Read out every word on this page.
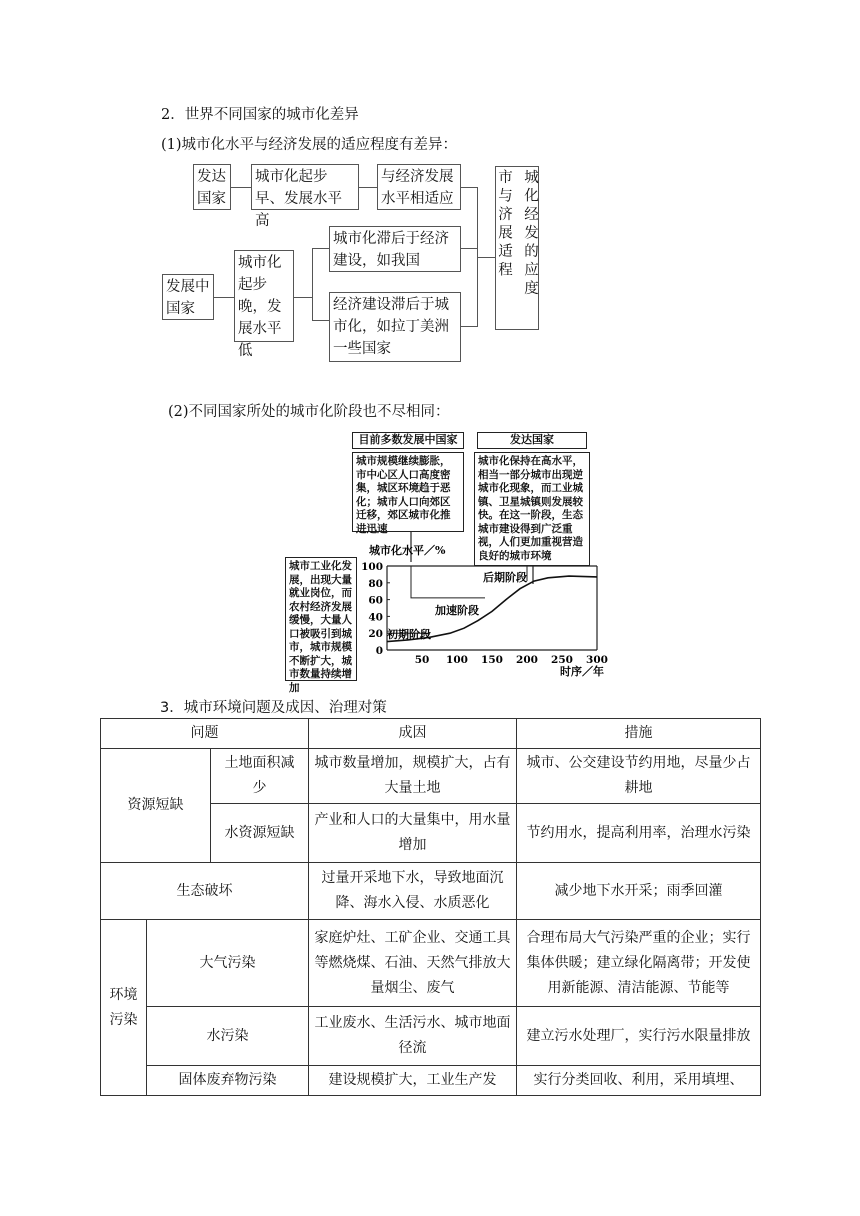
2．世界不同国家的城市化差异
(1)城市化水平与经济发展的适应程度有差异：
发达国家
城市化起步早、发展水平高
与经济发展水平相适应
发展中国家
城市化起步晚，发展水平低
城市化滞后于经济建设，如我国
经济建设滞后于城市化，如拉丁美洲一些国家
市与济展适程 城化经发的应度
(2)不同国家所处的城市化阶段也不尽相同：
目前多数发展中国家	发达国家
城市规模继续膨胀，市中心区人口高度密集，城区环境趋于恶化；城市人口向郊区迁移，郊区城市化推进迅速
城市化保持在高水平，相当一部分城市出现逆城市化现象，而工业城镇、卫星城镇则发展较快。在这一阶段，生态城市建设得到广泛重视，人们更加重视营造良好的城市环境
城市工业化发展，出现大量就业岗位，而农村经济发展缓慢，大量人口被吸引到城市，城市规模不断扩大，城市数量持续增加
50 100 150 200 250 300
0
20
40
60
80
100
城市化水平／%
时序／年
初期阶段
加速阶段
后期阶段
3．城市环境问题及成因、治理对策
问题			成因	措施
资源短缺		土地面积减少	城市数量增加，规模扩大，占有大量土地	城市、公交建设节约用地，尽量少占耕地
		水资源短缺	产业和人口的大量集中，用水量增加	节约用水，提高利用率，治理水污染
生态破坏			过量开采地下水，导致地面沉降、海水入侵、水质恶化	减少地下水开采；雨季回灌
环境污染	大气污染		家庭炉灶、工矿企业、交通工具等燃烧煤、石油、天然气排放大量烟尘、废气	合理布局大气污染严重的企业；实行集体供暖；建立绿化隔离带；开发使用新能源、清洁能源、节能等
	水污染		工业废水、生活污水、城市地面径流	建立污水处理厂，实行污水限量排放
	固体废弃物污染		建设规模扩大，工业生产发	实行分类回收、利用，采用填埋、
